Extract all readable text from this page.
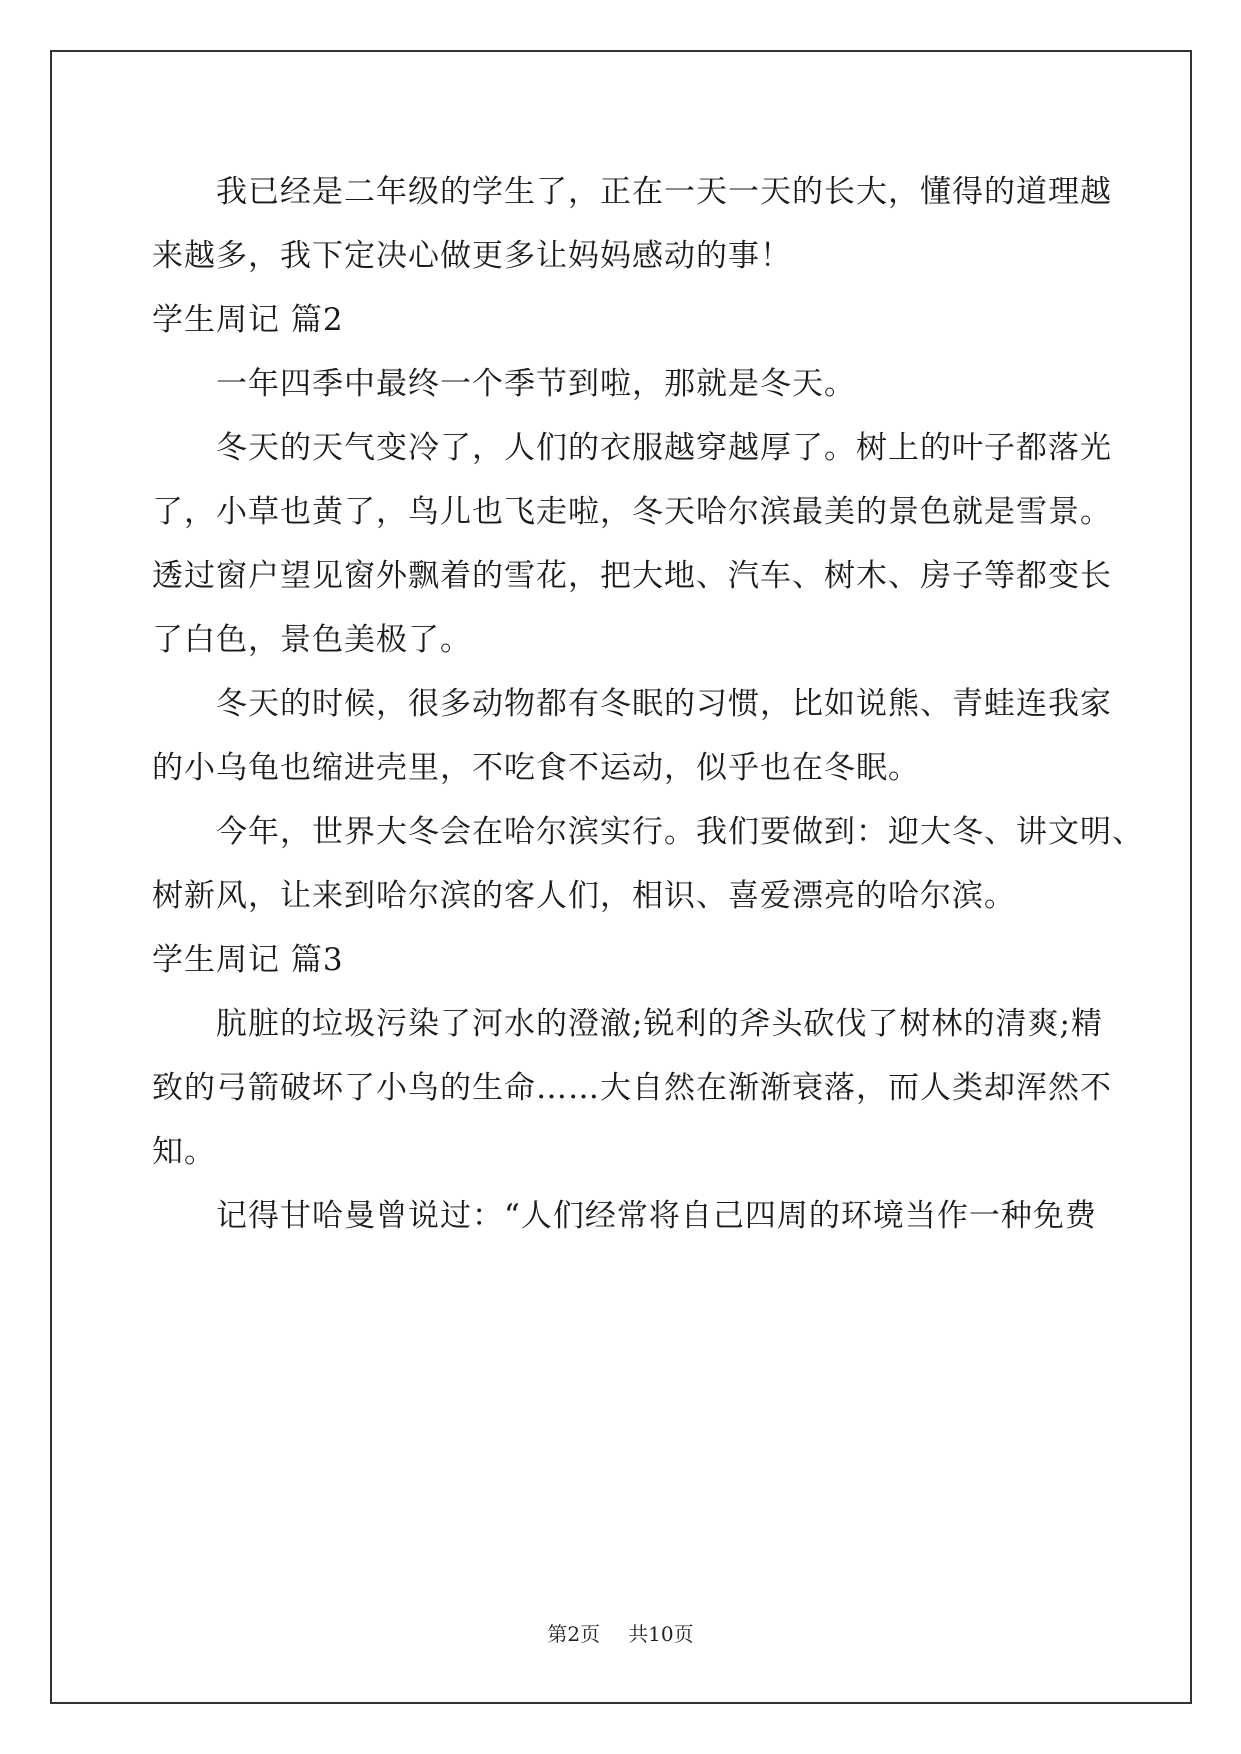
我已经是二年级的学生了，正在一天一天的长大，懂得的道理越
来越多，我下定决心做更多让妈妈感动的事！
学生周记 篇2
一年四季中最终一个季节到啦，那就是冬天。
冬天的天气变冷了，人们的衣服越穿越厚了。树上的叶子都落光
了，小草也黄了，鸟儿也飞走啦，冬天哈尔滨最美的景色就是雪景。
透过窗户望见窗外飘着的雪花，把大地、汽车、树木、房子等都变长
了白色，景色美极了。
冬天的时候，很多动物都有冬眠的习惯，比如说熊、青蛙连我家
的小乌龟也缩进壳里，不吃食不运动，似乎也在冬眠。
今年，世界大冬会在哈尔滨实行。我们要做到：迎大冬、讲文明、
树新风，让来到哈尔滨的客人们，相识、喜爱漂亮的哈尔滨。
学生周记 篇3
肮脏的垃圾污染了河水的澄澈;锐利的斧头砍伐了树林的清爽;精
致的弓箭破坏了小鸟的生命……大自然在渐渐衰落，而人类却浑然不
知。
记得甘哈曼曾说过：“人们经常将自己四周的环境当作一种免费
第2页 共10页
